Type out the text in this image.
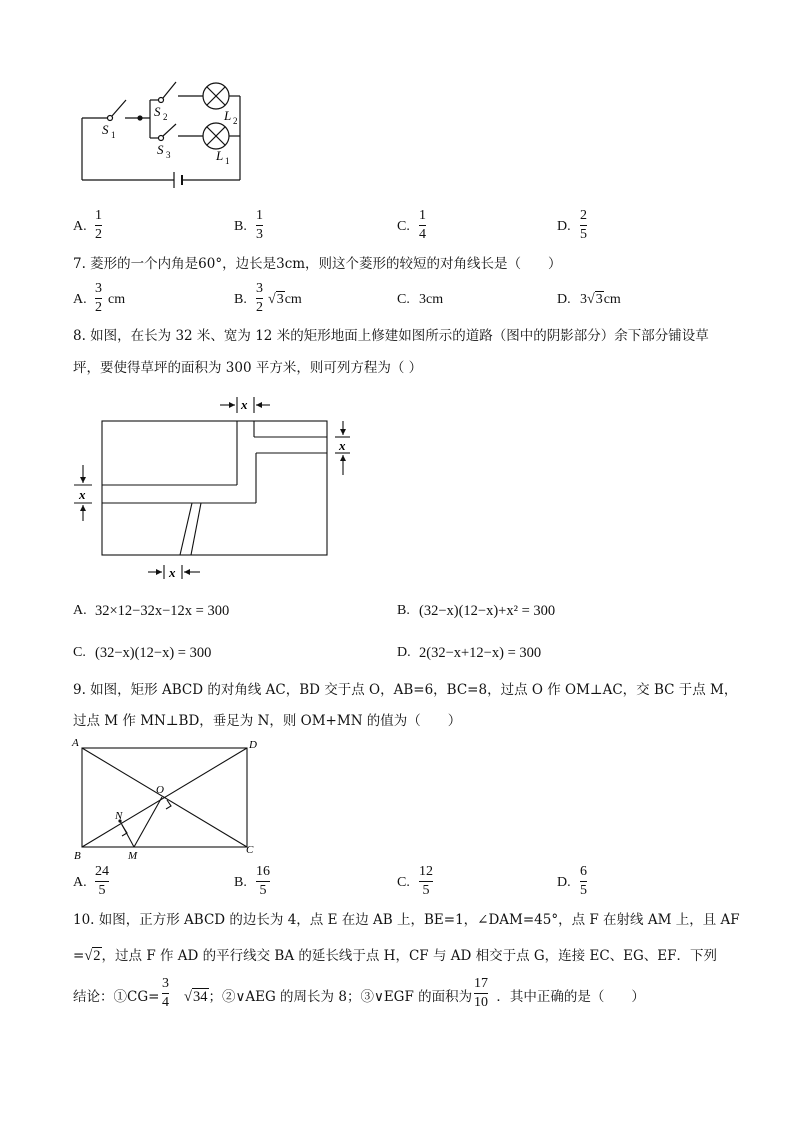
S 1
S 2
S 3
L 2
L 1
A.
1
2
B.
1
3
C.
1
4
D.
2
5
7. 菱形的一个内角是60°，边长是3cm，则这个菱形的较短的对角线长是（　　）
A.
3
2
cm	B.
3
2
√3cm	C. 3cm	D. 3√3cm
8. 如图，在长为 32 米、宽为 12 米的矩形地面上修建如图所示的道路（图中的阴影部分）余下部分铺设草
坪，要使得草坪的面积为 300 平方米，则可列方程为（ ）
x
x
x
x
A. 32×12−32x−12x = 300	B. (32−x)(12−x)+x² = 300
C. (32−x)(12−x) = 300	D. 2(32−x+12−x) = 300
9. 如图，矩形 ABCD 的对角线 AC，BD 交于点 O，AB=6，BC=8，过点 O 作 OM⊥AC，交 BC 于点 M，
过点 M 作 MN⊥BD，垂足为 N，则 OM+MN 的值为（　　）
A	D
B	C
O
N
M
A.
24
5
B.
16
5
C.
12
5
D.
6
5
10. 如图，正方形 ABCD 的边长为 4，点 E 在边 AB 上，BE=1，∠DAM=45°，点 F 在射线 AM 上，且 AF
=√2，过点 F 作 AD 的平行线交 BA 的延长线于点 H，CF 与 AD 相交于点 G，连接 EC、EG、EF．下列
结论：①CG= √34；②∨AEG 的周长为 8；③∨EGF 的面积为 ．其中正确的是（　　）
3
4
17
10
